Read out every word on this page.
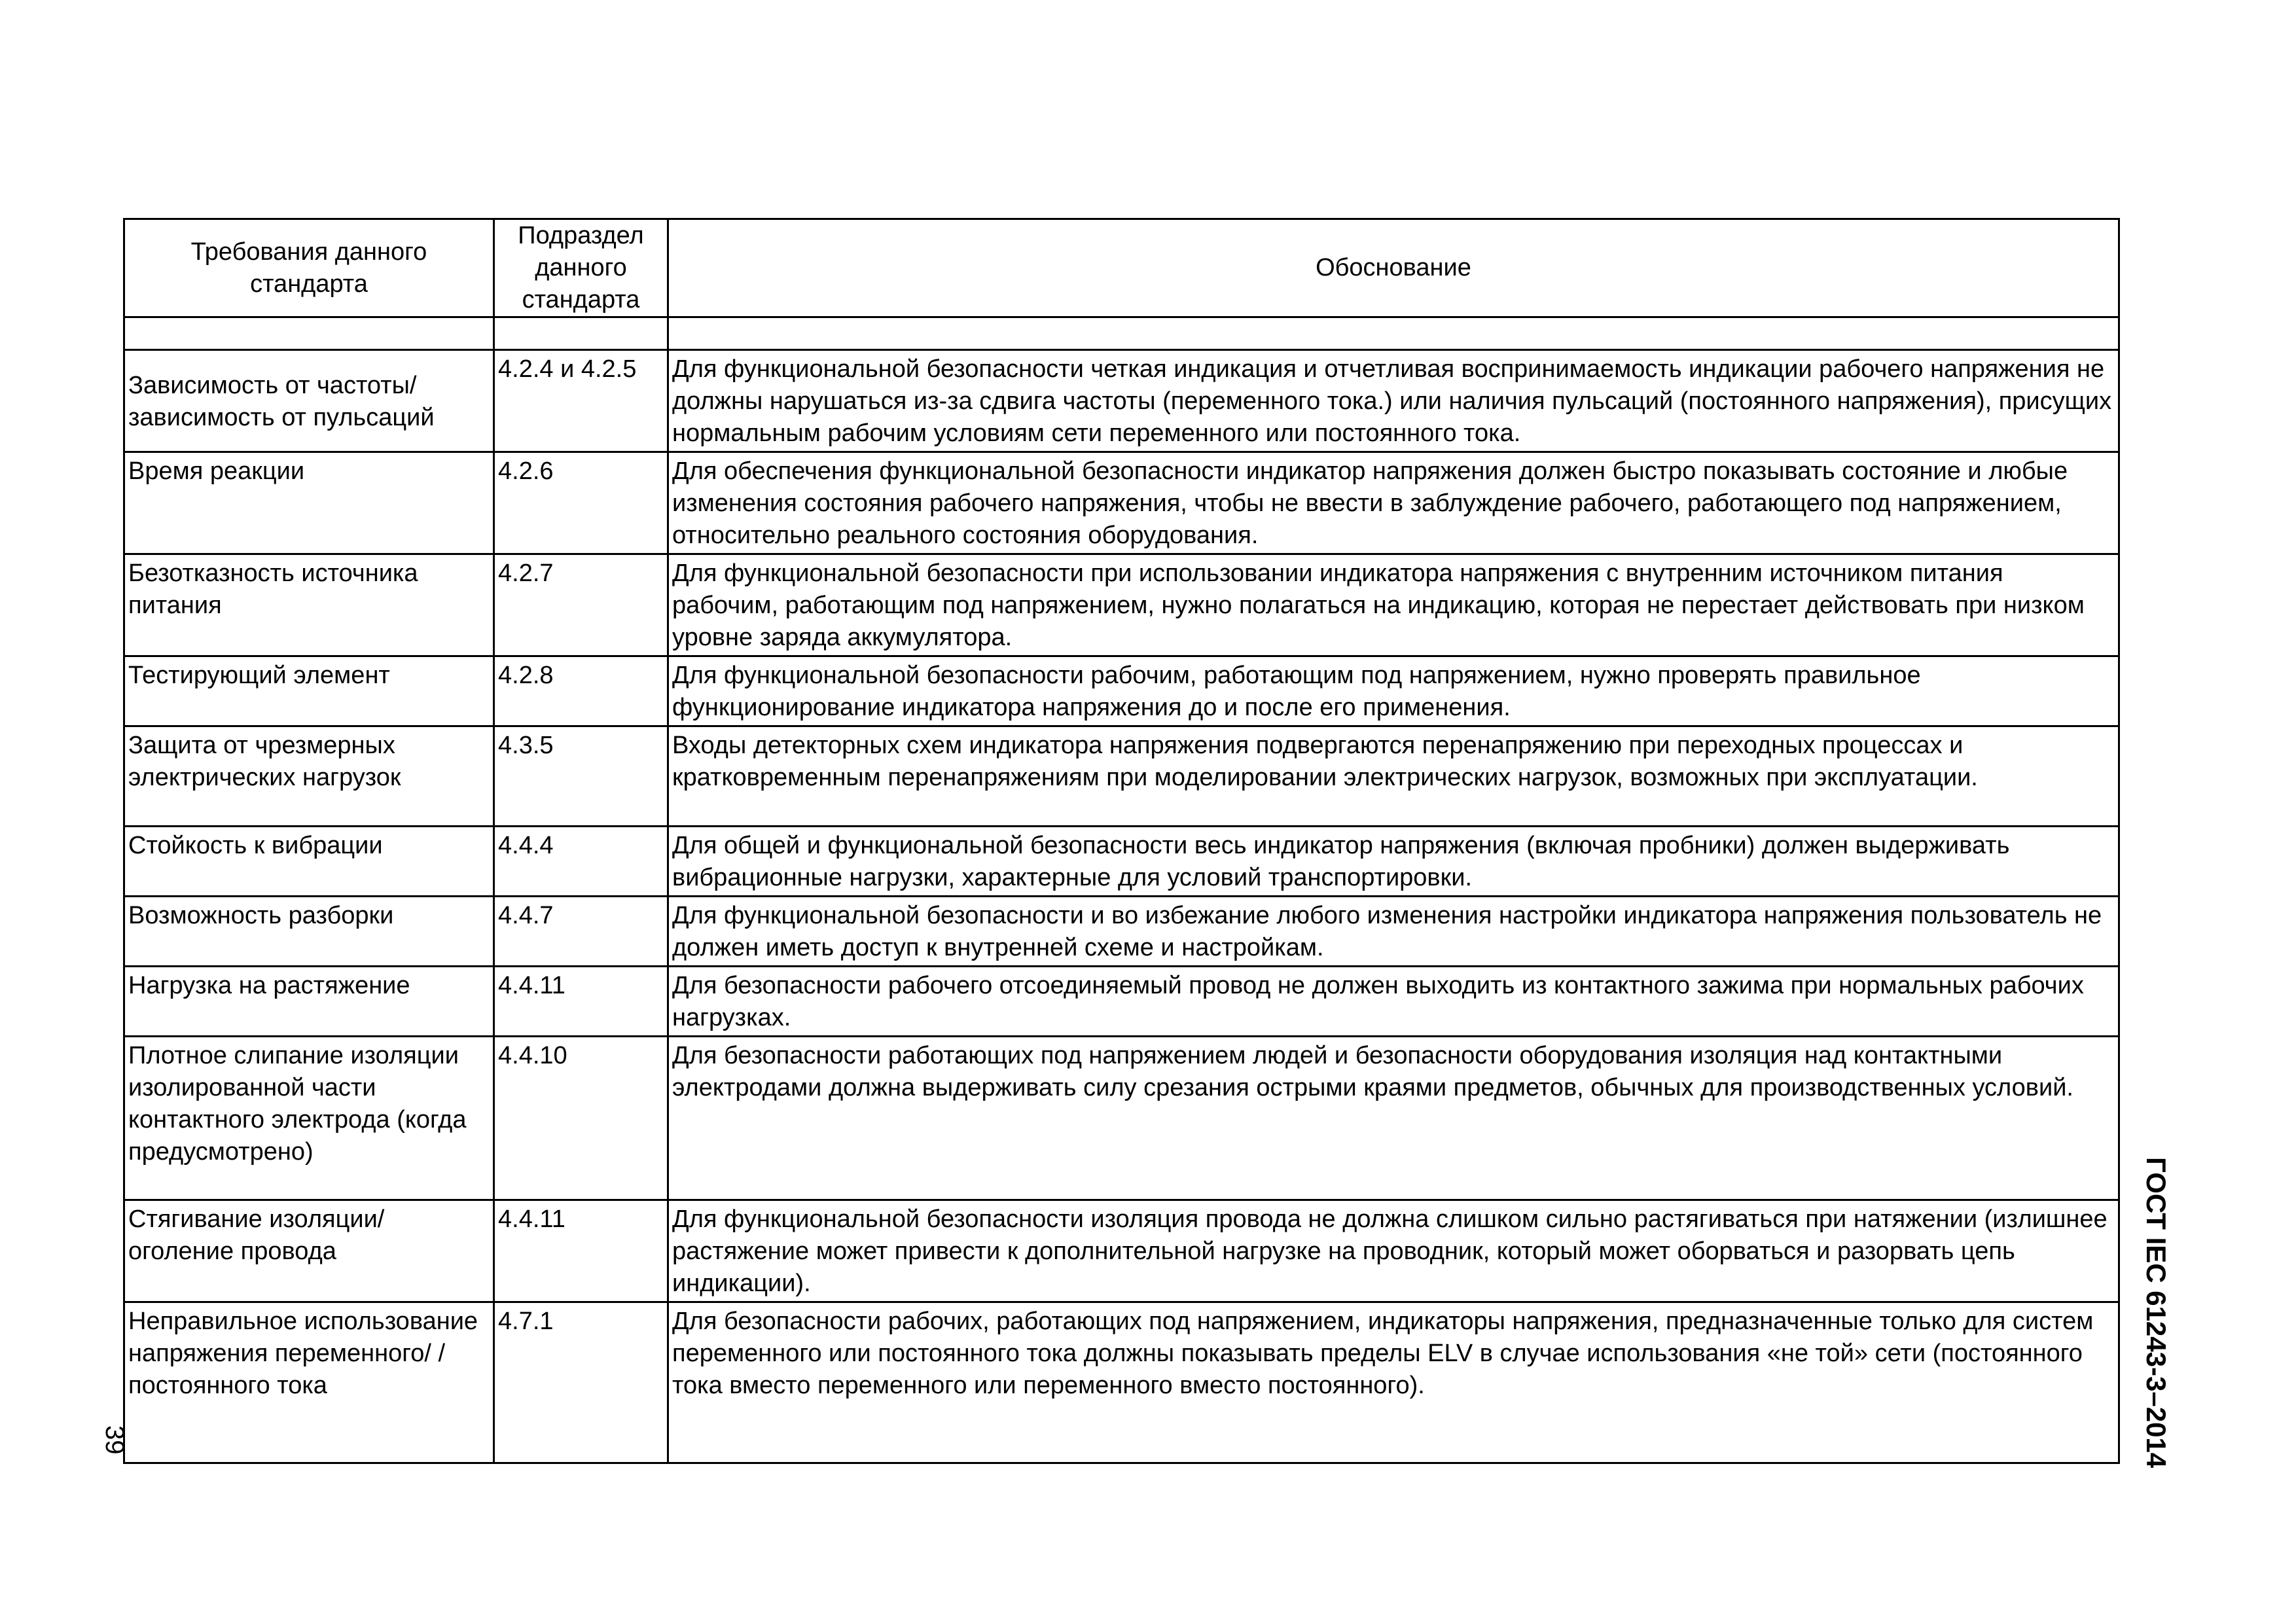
Требования данного стандарта	Подраздел данного стандарта	Обоснование

Зависимость от частоты/ зависимость от пульсаций	4.2.4 и 4.2.5	Для функциональной безопасности четкая индикация и отчетливая воспринимаемость индикации рабочего напряжения не должны нарушаться из-за сдвига частоты (переменного тока.) или наличия пульсаций (постоянного напряжения), присущих нормальным рабочим условиям сети переменного или постоянного тока.
Время реакции	4.2.6	Для обеспечения функциональной безопасности индикатор напряжения должен быстро показывать состояние и любые изменения состояния рабочего напряжения, чтобы не ввести в заблуждение рабочего, работающего под напряжением, относительно реального состояния оборудования.
Безотказность источника питания	4.2.7	Для функциональной безопасности при использовании индикатора напряжения с внутренним источником питания рабочим, работающим под напряжением, нужно полагаться на индикацию, которая не перестает действовать при низком уровне заряда аккумулятора.
Тестирующий элемент	4.2.8	Для функциональной безопасности рабочим, работающим под напряжением, нужно проверять правильное функционирование индикатора напряжения до и после его применения.
Защита от чрезмерных электрических нагрузок	4.3.5	Входы детекторных схем индикатора напряжения подвергаются перенапряжению при переходных процессах и кратковременным перенапряжениям при моделировании электрических нагрузок, возможных при эксплуатации.
Стойкость к вибрации	4.4.4	Для общей и функциональной безопасности весь индикатор напряжения (включая пробники) должен выдерживать вибрационные нагрузки, характерные для условий транспортировки.
Возможность разборки	4.4.7	Для функциональной безопасности и во избежание любого изменения настройки индикатора напряжения пользователь не должен иметь доступ к внутренней схеме и настройкам.
Нагрузка на растяжение	4.4.11	Для безопасности рабочего отсоединяемый провод не должен выходить из контактного зажима при нормальных рабочих нагрузках.
Плотное слипание изоляции изолированной части контактного электрода (когда предусмотрено)	4.4.10	Для безопасности работающих под напряжением людей и безопасности оборудования изоляция над контактными электродами должна выдерживать силу срезания острыми краями предметов, обычных для производственных условий.
Стягивание изоляции/оголение провода	4.4.11	Для функциональной безопасности изоляция провода не должна слишком сильно растягиваться при натяжении (излишнее растяжение может привести к дополнительной нагрузке на проводник, который может оборваться и разорвать цепь индикации).
Неправильное использование напряжения переменного/ /постоянного тока	4.7.1	Для безопасности рабочих, работающих под напряжением, индикаторы напряжения, предназначенные только для систем переменного или постоянного тока должны показывать пределы ELV в случае использования «не той» сети (постоянного тока вместо переменного или переменного вместо постоянного).
39	ГОСТ IEC 61243-3–2014
